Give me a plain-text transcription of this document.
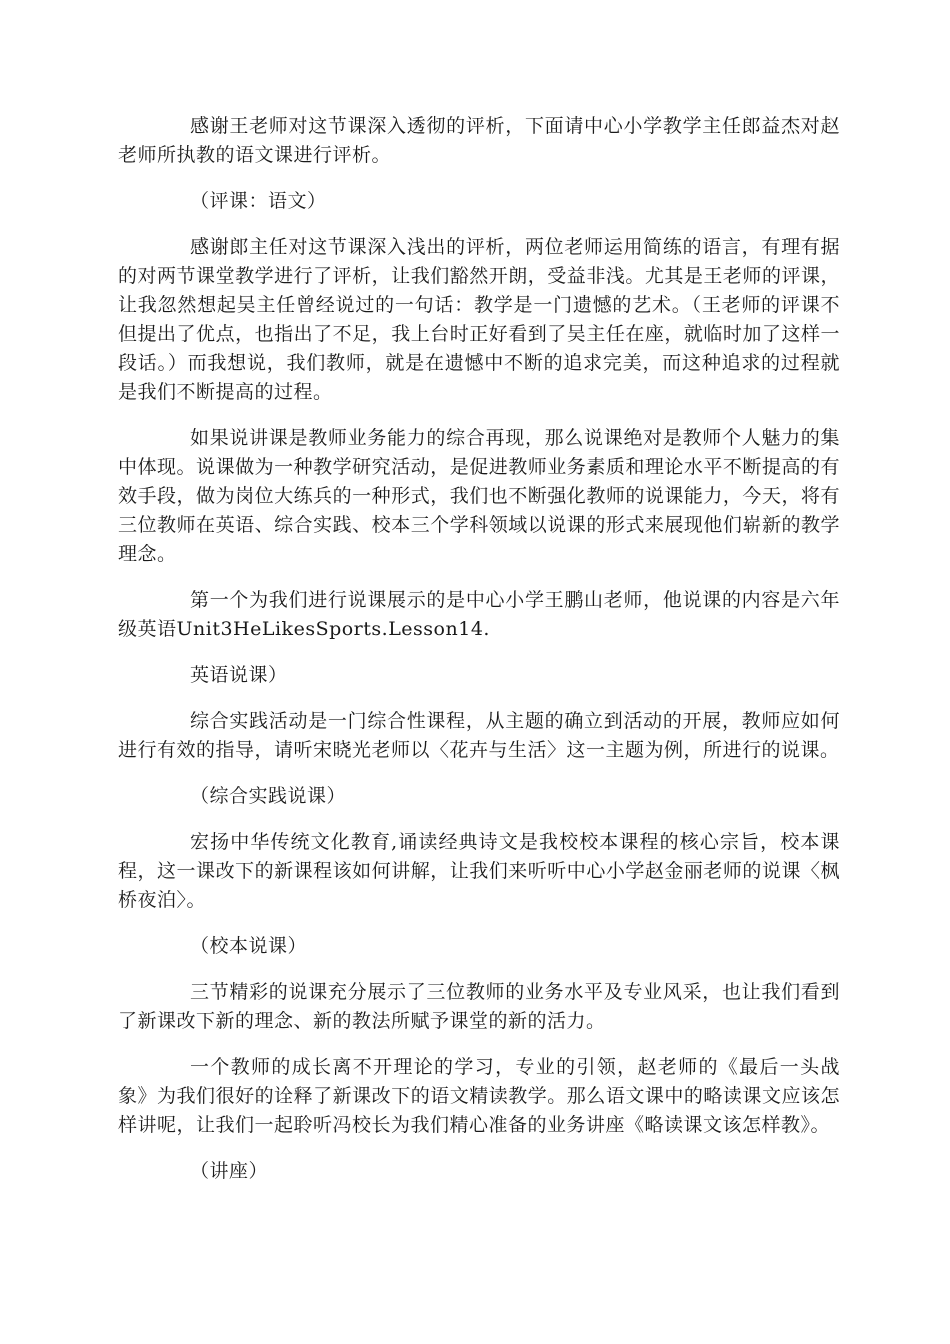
感谢王老师对这节课深入透彻的评析，下面请中心小学教学主任郎益杰对赵老师所执教的语文课进行评析。

（评课：语文）

感谢郎主任对这节课深入浅出的评析，两位老师运用简练的语言，有理有据的对两节课堂教学进行了评析，让我们豁然开朗，受益非浅。尤其是王老师的评课，让我忽然想起吴主任曾经说过的一句话：教学是一门遗憾的艺术。（王老师的评课不但提出了优点，也指出了不足，我上台时正好看到了吴主任在座，就临时加了这样一段话。）而我想说，我们教师，就是在遗憾中不断的追求完美，而这种追求的过程就是我们不断提高的过程。

如果说讲课是教师业务能力的综合再现，那么说课绝对是教师个人魅力的集中体现。说课做为一种教学研究活动，是促进教师业务素质和理论水平不断提高的有效手段，做为岗位大练兵的一种形式，我们也不断强化教师的说课能力，今天，将有三位教师在英语、综合实践、校本三个学科领域以说课的形式来展现他们崭新的教学理念。

第一个为我们进行说课展示的是中心小学王鹏山老师，他说课的内容是六年级英语Unit3HeLikesSports.Lesson14.

英语说课）

综合实践活动是一门综合性课程，从主题的确立到活动的开展，教师应如何进行有效的指导，请听宋晓光老师以〈花卉与生活〉这一主题为例，所进行的说课。

（综合实践说课）

宏扬中华传统文化教育,诵读经典诗文是我校校本课程的核心宗旨，校本课程，这一课改下的新课程该如何讲解，让我们来听听中心小学赵金丽老师的说课〈枫桥夜泊〉。

（校本说课）

三节精彩的说课充分展示了三位教师的业务水平及专业风采，也让我们看到了新课改下新的理念、新的教法所赋予课堂的新的活力。

一个教师的成长离不开理论的学习，专业的引领，赵老师的《最后一头战象》为我们很好的诠释了新课改下的语文精读教学。那么语文课中的略读课文应该怎样讲呢，让我们一起聆听冯校长为我们精心准备的业务讲座《略读课文该怎样教》。

（讲座）
